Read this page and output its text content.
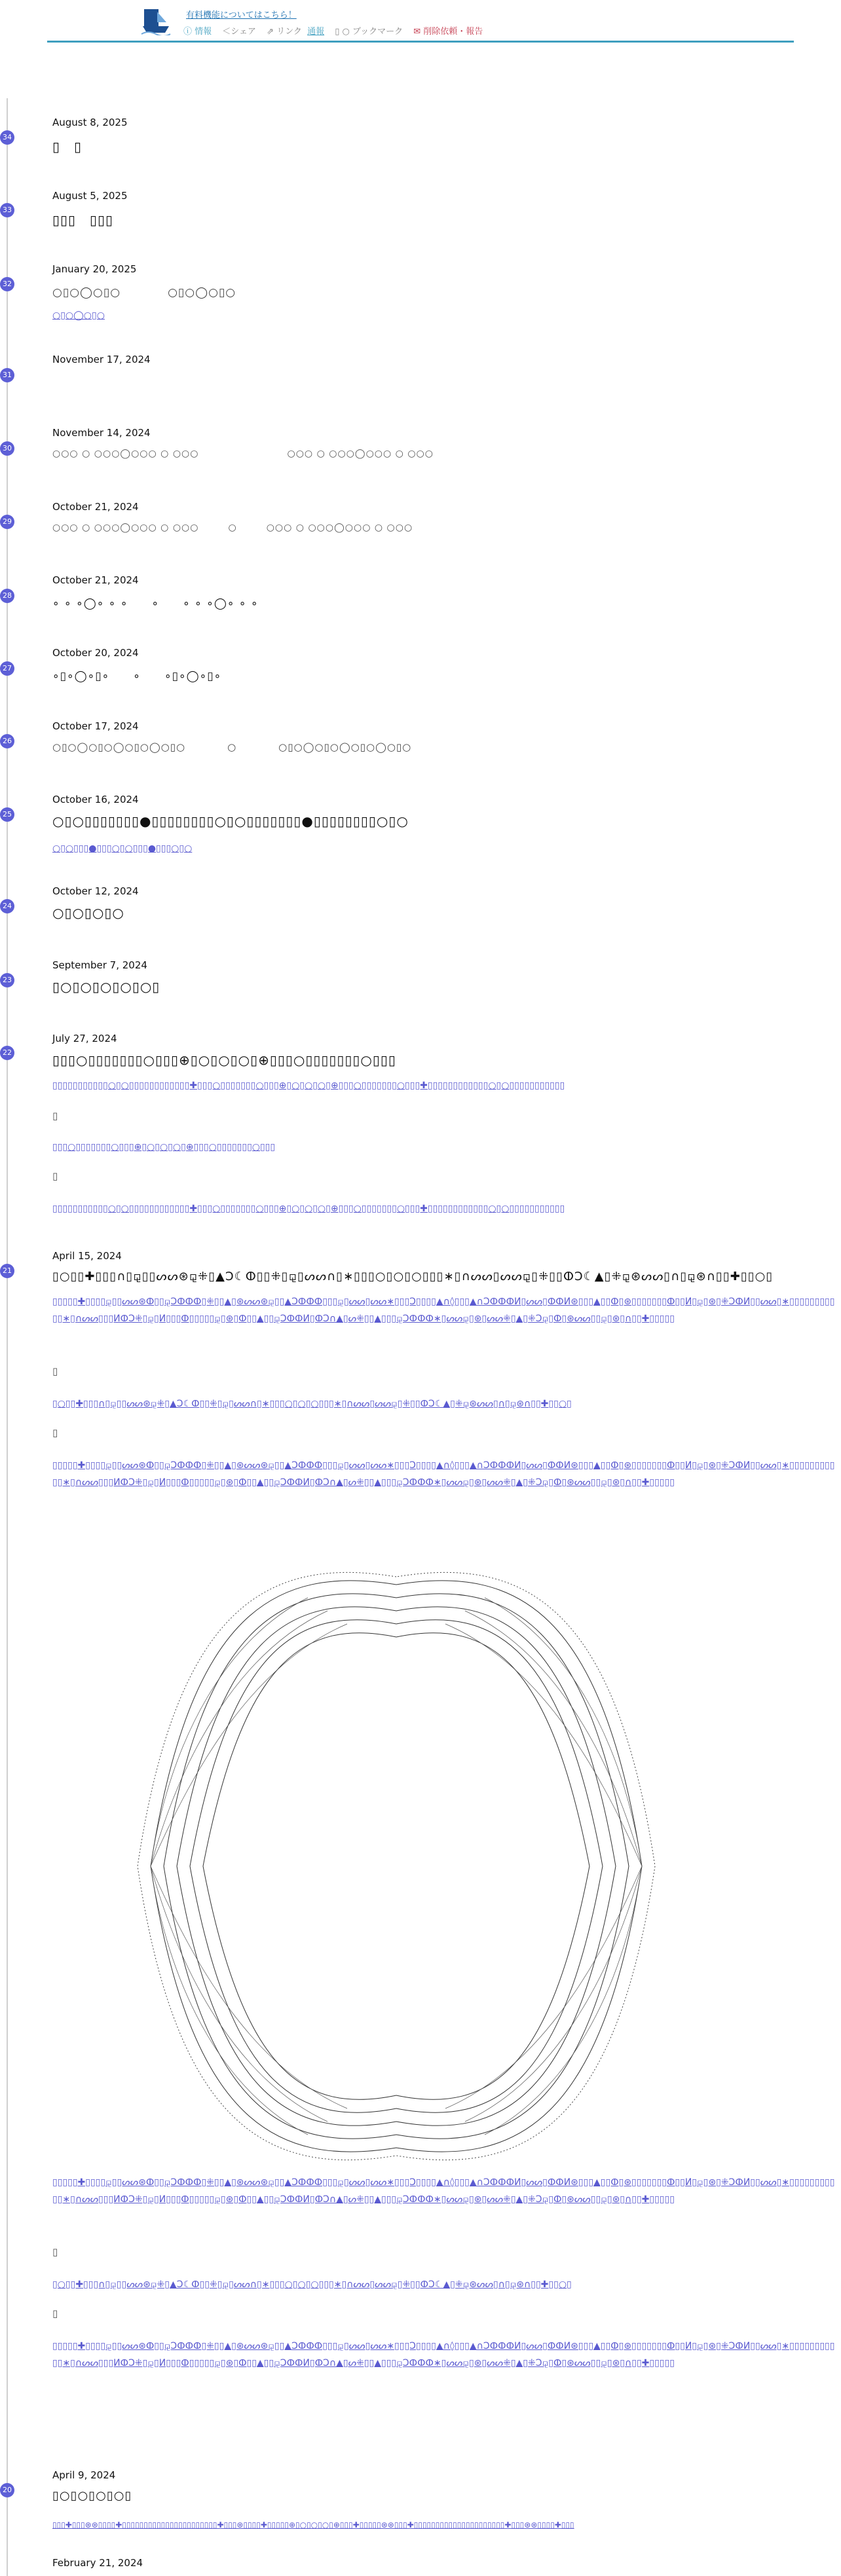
有料機能についてはこちら！
ⓘ 情報 ＜シェア ⇗ リンク 通報 ▯ ○ ブックマーク ✉ 削除依頼・報告
34
33
32
31
30
29
28
27
26
25
24
23
22
21
20
August 8, 2025
▯　▯
August 5, 2025
▯▯▯　▯▯▯
January 20, 2025
○▯○◯○▯○　　　　○▯○◯○▯○
○▯○◯○▯○
November 17, 2024
November 14, 2024
○○○ ○ ○○○◯○○○ ○ ○○○　　　　　　　　　○○○ ○ ○○○◯○○○ ○ ○○○
October 21, 2024
○○○ ○ ○○○◯○○○ ○ ○○○　　　○　　　○○○ ○ ○○○◯○○○ ○ ○○○
October 21, 2024
∘ ∘ ∘◯∘ ∘ ∘　　∘　　∘ ∘ ∘◯∘ ∘ ∘
October 20, 2024
∘▯∘◯∘▯∘　　∘　　∘▯∘◯∘▯∘
October 17, 2024
○▯○◯○▯○◯○▯○◯○▯○　　　　○　　　　○▯○◯○▯○◯○▯○◯○▯○
October 16, 2024
○▯○▯▯▯▯▯▯▯●▯▯▯▯▯▯▯▯○▯○▯▯▯▯▯▯▯●▯▯▯▯▯▯▯▯○▯○
○▯○▯▯▯●▯▯▯○▯○▯▯▯●▯▯▯○▯○
October 12, 2024
○▯○▯○▯○
September 7, 2024
▯○▯○▯○▯○▯○▯
July 27, 2024
▯▯▯○▯▯▯▯▯▯▯○▯▯▯⊕▯○▯○▯○▯⊕▯▯▯○▯▯▯▯▯▯▯○▯▯▯
▯▯▯▯▯▯▯▯▯▯▯○▯○▯▯▯▯▯▯▯▯▯▯▯▯✚▯▯▯○▯▯▯▯▯▯▯○▯▯▯⊕▯○▯○▯○▯⊕▯▯▯○▯▯▯▯▯▯▯○▯▯▯✚▯▯▯▯▯▯▯▯▯▯▯▯○▯○▯▯▯▯▯▯▯▯▯▯▯
▯
▯▯▯○▯▯▯▯▯▯▯○▯▯▯⊕▯○▯○▯○▯⊕▯▯▯○▯▯▯▯▯▯▯○▯▯▯
▯
▯▯▯▯▯▯▯▯▯▯▯○▯○▯▯▯▯▯▯▯▯▯▯▯▯✚▯▯▯○▯▯▯▯▯▯▯○▯▯▯⊕▯○▯○▯○▯⊕▯▯▯○▯▯▯▯▯▯▯○▯▯▯✚▯▯▯▯▯▯▯▯▯▯▯▯○▯○▯▯▯▯▯▯▯▯▯▯▯
April 15, 2024
▯○▯▯✚▯▯▯∩▯⚼▯▯ᔕᔕ⊛⚼⁜▯▲Ↄ☾ⵀ▯▯⁜▯⚼▯ᔕᔕ∩▯∗▯▯▯○▯○▯○▯▯▯∗▯∩ᔕᔕ▯ᔕᔕ⚼▯⁜▯▯ⵀↃ☾▲▯⁜⚼⊛ᔕᔕ▯∩▯⚼⊛∩▯▯✚▯▯○▯
▯▯▯▯▯✚▯▯▯▯⚼▯▯ᔕᔕ⊛ⵀ▯▯⚼Ↄⵀⵀⵀ▯⁜▯▯▲▯⊛ᔕᔕ⊛⚼▯▯▲Ↄⵀⵀⵀ▯▯▯⚼▯ᔕᔕ▯ᔕᔕ∗▯▯▯Ↄ▯▯▯▯▲∩◊▯▯▯▲∩ↃⵀⵀⵀИ▯ᔕᔕ▯ⵀⵀИ⊛▯▯▯▲▯▯ⵀ▯⊛▯▯▯▯▯▯▯ⵀ▯▯И▯⚼▯⊛▯⁜ↃⵀИ▯▯ᔕᔕ▯∗▯▯▯▯▯▯▯▯▯▯▯∗▯∩ᔕᔕ▯▯▯ИⵀↃ⁜▯⚼▯И▯▯▯ⵀ▯▯▯▯▯⚼▯⊛▯ⵀ▯▯▲▯▯⚼ↃⵀⵀИ▯ⵀↃ∩▲▯ᔕ⁜▯▯▲▯▯▯⚼Ↄⵀⵀⵀ∗▯ᔕᔕ⚼▯⊛▯ᔕᔕ⁜▯▲▯⁜Ↄ⚼▯ⵀ▯⊛ᔕᔕ▯▯⚼▯⊛▯∩▯▯✚▯▯▯▯▯
▯
▯○▯▯✚▯▯▯∩▯⚼▯▯ᔕᔕ⊛⚼⁜▯▲Ↄ☾ⵀ▯▯⁜▯⚼▯ᔕᔕ∩▯∗▯▯▯○▯○▯○▯▯▯∗▯∩ᔕᔕ▯ᔕᔕ⚼▯⁜▯▯ⵀↃ☾▲▯⁜⚼⊛ᔕᔕ▯∩▯⚼⊛∩▯▯✚▯▯○▯
▯
▯▯▯▯▯✚▯▯▯▯⚼▯▯ᔕᔕ⊛ⵀ▯▯⚼Ↄⵀⵀⵀ▯⁜▯▯▲▯⊛ᔕᔕ⊛⚼▯▯▲Ↄⵀⵀⵀ▯▯▯⚼▯ᔕᔕ▯ᔕᔕ∗▯▯▯Ↄ▯▯▯▯▲∩◊▯▯▯▲∩ↃⵀⵀⵀИ▯ᔕᔕ▯ⵀⵀИ⊛▯▯▯▲▯▯ⵀ▯⊛▯▯▯▯▯▯▯ⵀ▯▯И▯⚼▯⊛▯⁜ↃⵀИ▯▯ᔕᔕ▯∗▯▯▯▯▯▯▯▯▯▯▯∗▯∩ᔕᔕ▯▯▯ИⵀↃ⁜▯⚼▯И▯▯▯ⵀ▯▯▯▯▯⚼▯⊛▯ⵀ▯▯▲▯▯⚼ↃⵀⵀИ▯ⵀↃ∩▲▯ᔕ⁜▯▯▲▯▯▯⚼Ↄⵀⵀⵀ∗▯ᔕᔕ⚼▯⊛▯ᔕᔕ⁜▯▲▯⁜Ↄ⚼▯ⵀ▯⊛ᔕᔕ▯▯⚼▯⊛▯∩▯▯✚▯▯▯▯▯
▯▯▯▯▯✚▯▯▯▯⚼▯▯ᔕᔕ⊛ⵀ▯▯⚼Ↄⵀⵀⵀ▯⁜▯▯▲▯⊛ᔕᔕ⊛⚼▯▯▲Ↄⵀⵀⵀ▯▯▯⚼▯ᔕᔕ▯ᔕᔕ∗▯▯▯Ↄ▯▯▯▯▲∩◊▯▯▯▲∩ↃⵀⵀⵀИ▯ᔕᔕ▯ⵀⵀИ⊛▯▯▯▲▯▯ⵀ▯⊛▯▯▯▯▯▯▯ⵀ▯▯И▯⚼▯⊛▯⁜ↃⵀИ▯▯ᔕᔕ▯∗▯▯▯▯▯▯▯▯▯▯▯∗▯∩ᔕᔕ▯▯▯ИⵀↃ⁜▯⚼▯И▯▯▯ⵀ▯▯▯▯▯⚼▯⊛▯ⵀ▯▯▲▯▯⚼ↃⵀⵀИ▯ⵀↃ∩▲▯ᔕ⁜▯▯▲▯▯▯⚼Ↄⵀⵀⵀ∗▯ᔕᔕ⚼▯⊛▯ᔕᔕ⁜▯▲▯⁜Ↄ⚼▯ⵀ▯⊛ᔕᔕ▯▯⚼▯⊛▯∩▯▯✚▯▯▯▯▯
▯
▯○▯▯✚▯▯▯∩▯⚼▯▯ᔕᔕ⊛⚼⁜▯▲Ↄ☾ⵀ▯▯⁜▯⚼▯ᔕᔕ∩▯∗▯▯▯○▯○▯○▯▯▯∗▯∩ᔕᔕ▯ᔕᔕ⚼▯⁜▯▯ⵀↃ☾▲▯⁜⚼⊛ᔕᔕ▯∩▯⚼⊛∩▯▯✚▯▯○▯
▯
▯▯▯▯▯✚▯▯▯▯⚼▯▯ᔕᔕ⊛ⵀ▯▯⚼Ↄⵀⵀⵀ▯⁜▯▯▲▯⊛ᔕᔕ⊛⚼▯▯▲Ↄⵀⵀⵀ▯▯▯⚼▯ᔕᔕ▯ᔕᔕ∗▯▯▯Ↄ▯▯▯▯▲∩◊▯▯▯▲∩ↃⵀⵀⵀИ▯ᔕᔕ▯ⵀⵀИ⊛▯▯▯▲▯▯ⵀ▯⊛▯▯▯▯▯▯▯ⵀ▯▯И▯⚼▯⊛▯⁜ↃⵀИ▯▯ᔕᔕ▯∗▯▯▯▯▯▯▯▯▯▯▯∗▯∩ᔕᔕ▯▯▯ИⵀↃ⁜▯⚼▯И▯▯▯ⵀ▯▯▯▯▯⚼▯⊛▯ⵀ▯▯▲▯▯⚼ↃⵀⵀИ▯ⵀↃ∩▲▯ᔕ⁜▯▯▲▯▯▯⚼Ↄⵀⵀⵀ∗▯ᔕᔕ⚼▯⊛▯ᔕᔕ⁜▯▲▯⁜Ↄ⚼▯ⵀ▯⊛ᔕᔕ▯▯⚼▯⊛▯∩▯▯✚▯▯▯▯▯
April 9, 2024
▯○▯○▯○▯○▯
▯▯▯✚▯▯▯⊛⊛▯▯▯▯✚▯▯▯▯▯▯▯▯▯▯▯▯▯▯▯▯▯▯▯▯▯▯✚▯▯▯⊛▯▯▯▯✚▯▯▯▯▯⊕▯○▯○▯○▯⊕▯▯▯✚▯▯▯▯▯⊛⊛▯▯▯✚▯▯▯▯▯▯▯▯▯▯▯▯▯▯▯▯▯▯▯▯▯✚▯▯▯⊛⊛▯▯▯▯✚▯▯▯
February 21, 2024
